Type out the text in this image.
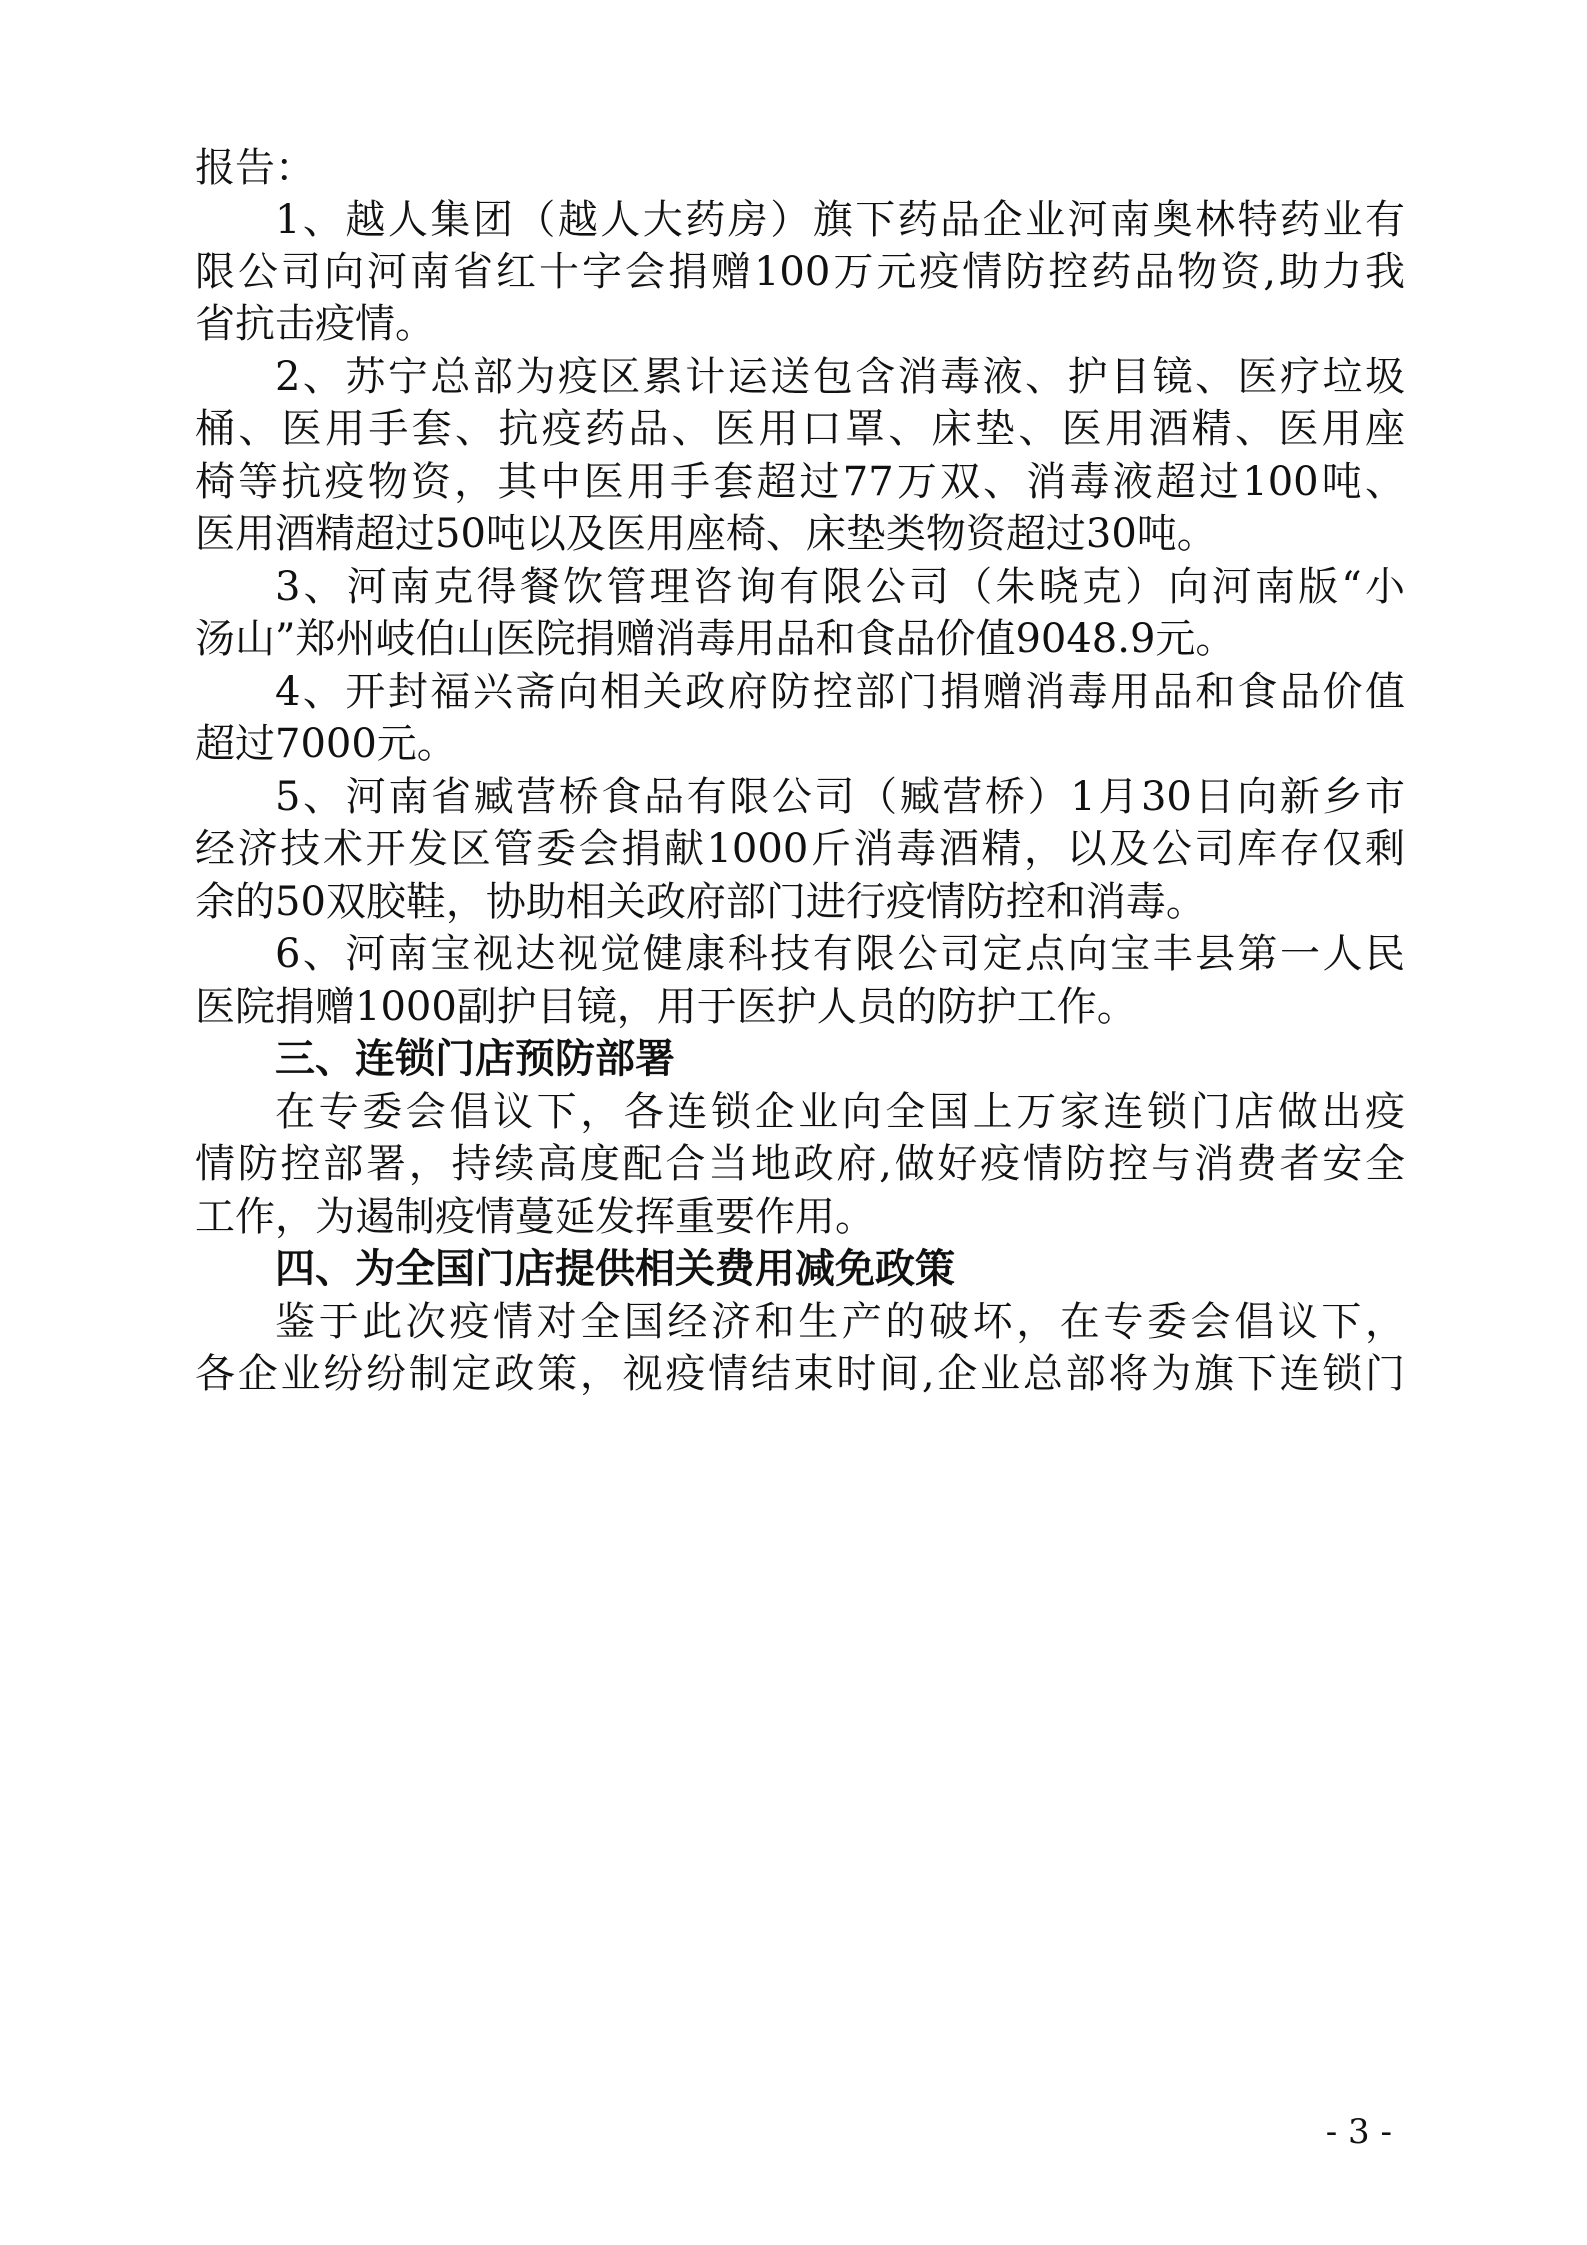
报告：
1、越人集团（越人大药房）旗下药品企业河南奥林特药业有
限公司向河南省红十字会捐赠100万元疫情防控药品物资,助力我
省抗击疫情。
2、苏宁总部为疫区累计运送包含消毒液、护目镜、医疗垃圾
桶、医用手套、抗疫药品、医用口罩、床垫、医用酒精、医用座
椅等抗疫物资，其中医用手套超过77万双、消毒液超过100吨、
医用酒精超过50吨以及医用座椅、床垫类物资超过30吨。
3、河南克得餐饮管理咨询有限公司（朱晓克）向河南版“小
汤山”郑州岐伯山医院捐赠消毒用品和食品价值9048.9元。
4、开封福兴斋向相关政府防控部门捐赠消毒用品和食品价值
超过7000元。
5、河南省臧营桥食品有限公司（臧营桥）1月30日向新乡市
经济技术开发区管委会捐献1000斤消毒酒精，以及公司库存仅剩
余的50双胶鞋，协助相关政府部门进行疫情防控和消毒。
6、河南宝视达视觉健康科技有限公司定点向宝丰县第一人民
医院捐赠1000副护目镜，用于医护人员的防护工作。
三、连锁门店预防部署
在专委会倡议下，各连锁企业向全国上万家连锁门店做出疫
情防控部署，持续高度配合当地政府,做好疫情防控与消费者安全
工作，为遏制疫情蔓延发挥重要作用。
四、为全国门店提供相关费用减免政策
鉴于此次疫情对全国经济和生产的破坏，在专委会倡议下，
各企业纷纷制定政策，视疫情结束时间,企业总部将为旗下连锁门
- 3 -
